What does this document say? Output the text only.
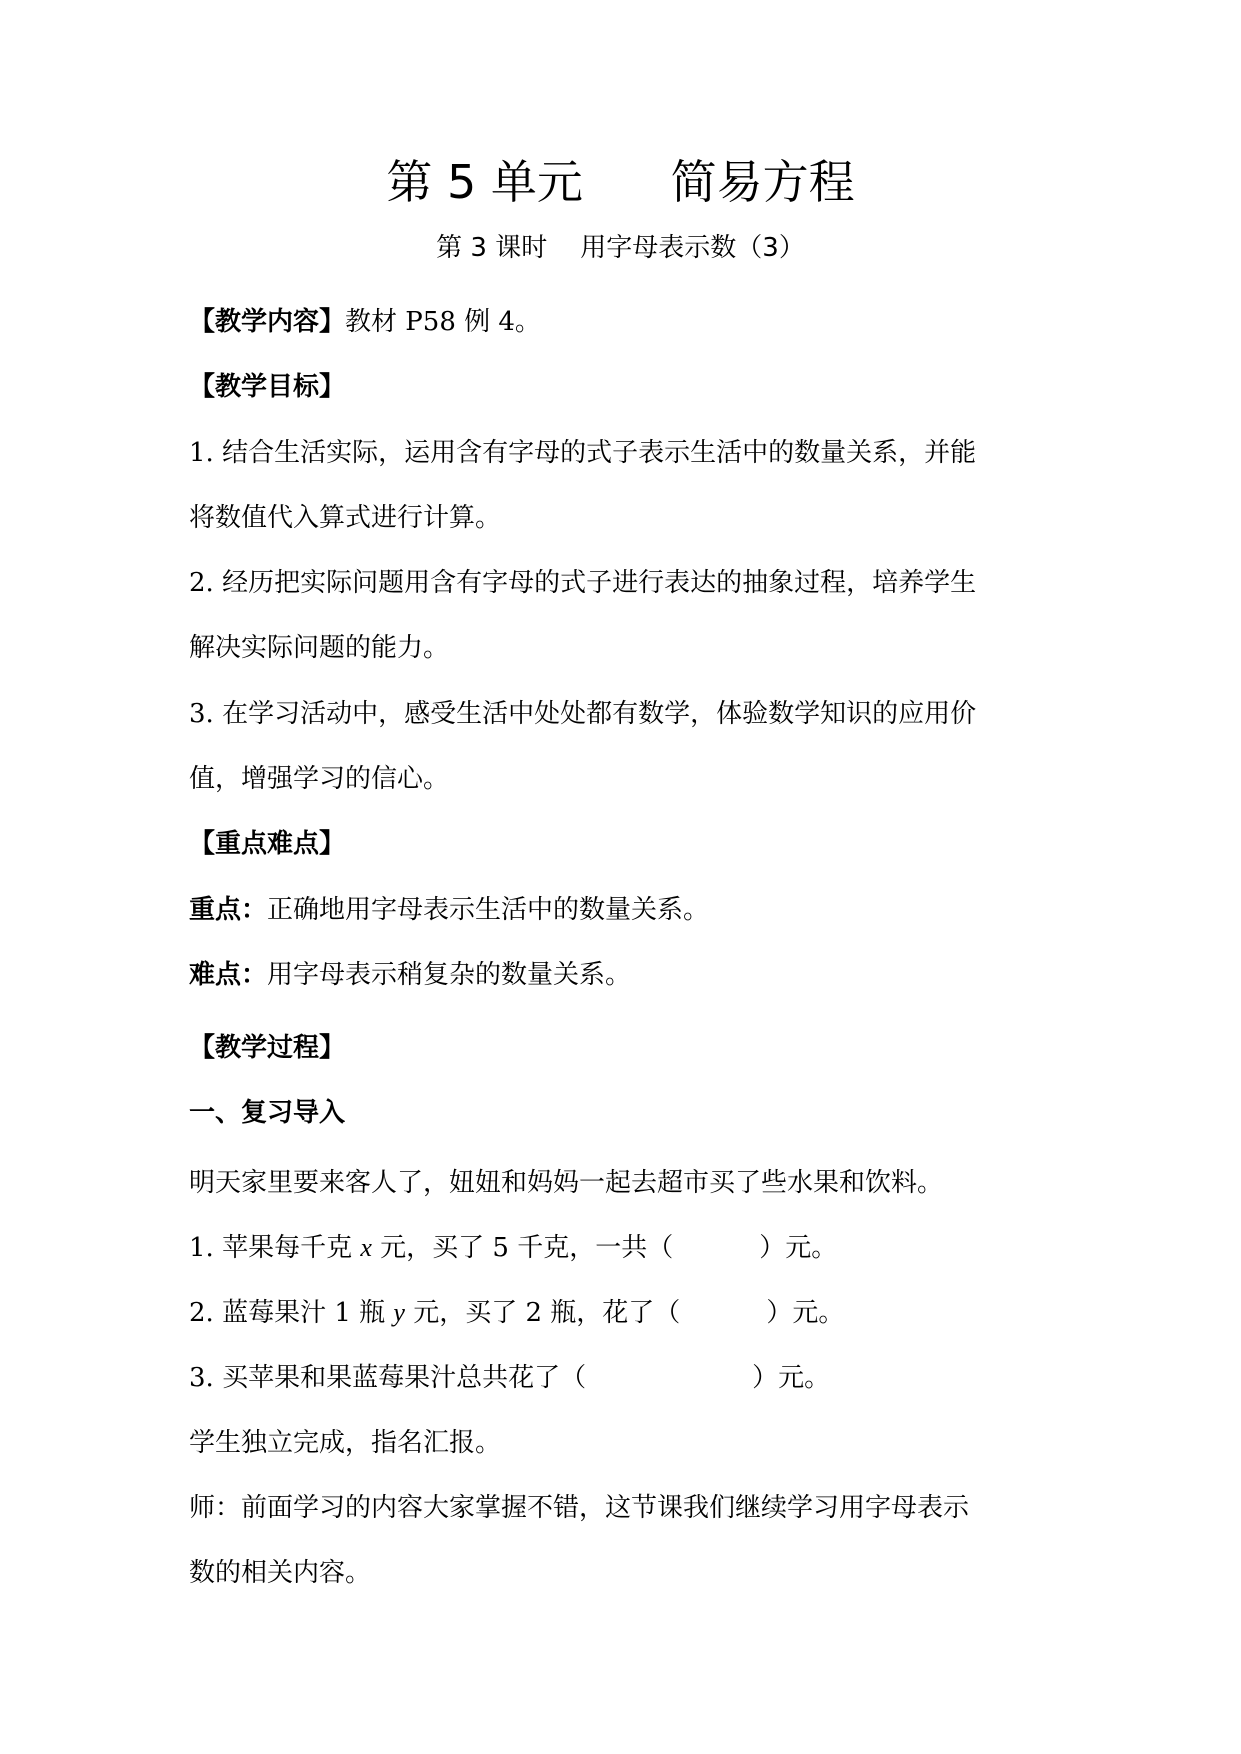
第 5 单元      简易方程
第 3 课时    用字母表示数（3）
【教学内容】教材 P58 例 4。
【教学目标】
1. 结合生活实际，运用含有字母的式子表示生活中的数量关系，并能
将数值代入算式进行计算。
2. 经历把实际问题用含有字母的式子进行表达的抽象过程，培养学生
解决实际问题的能力。
3. 在学习活动中，感受生活中处处都有数学，体验数学知识的应用价
值，增强学习的信心。
【重点难点】
重点：正确地用字母表示生活中的数量关系。
难点：用字母表示稍复杂的数量关系。
【教学过程】
一、复习导入
明天家里要来客人了，妞妞和妈妈一起去超市买了些水果和饮料。
1. 苹果每千克 x 元，买了 5 千克，一共（	）元。
2. 蓝莓果汁 1 瓶 y 元，买了 2 瓶，花了（	）元。
3. 买苹果和果蓝莓果汁总共花了（	）元。
学生独立完成，指名汇报。
师：前面学习的内容大家掌握不错，这节课我们继续学习用字母表示
数的相关内容。
